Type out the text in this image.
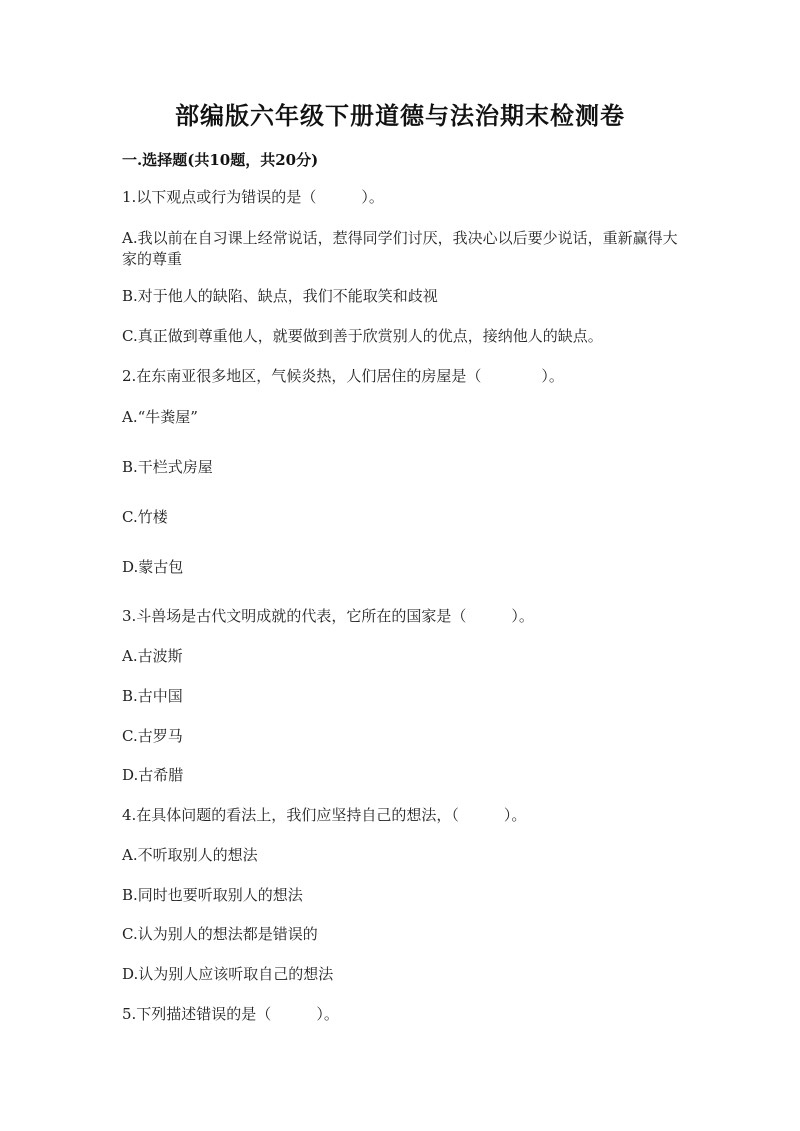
部编版六年级下册道德与法治期末检测卷
一.选择题(共10题，共20分)
1.以下观点或行为错误的是（　　　）。
A.我以前在自习课上经常说话，惹得同学们讨厌，我决心以后要少说话，重新赢得大家的尊重
B.对于他人的缺陷、缺点，我们不能取笑和歧视
C.真正做到尊重他人，就要做到善于欣赏别人的优点，接纳他人的缺点。
2.在东南亚很多地区，气候炎热，人们居住的房屋是（　　　　）。
A.“牛粪屋”
B.干栏式房屋
C.竹楼
D.蒙古包
3.斗兽场是古代文明成就的代表，它所在的国家是（　　　）。
A.古波斯
B.古中国
C.古罗马
D.古希腊
4.在具体问题的看法上，我们应坚持自己的想法，（　　　）。
A.不听取别人的想法
B.同时也要听取别人的想法
C.认为别人的想法都是错误的
D.认为别人应该听取自己的想法
5.下列描述错误的是（　　　）。
